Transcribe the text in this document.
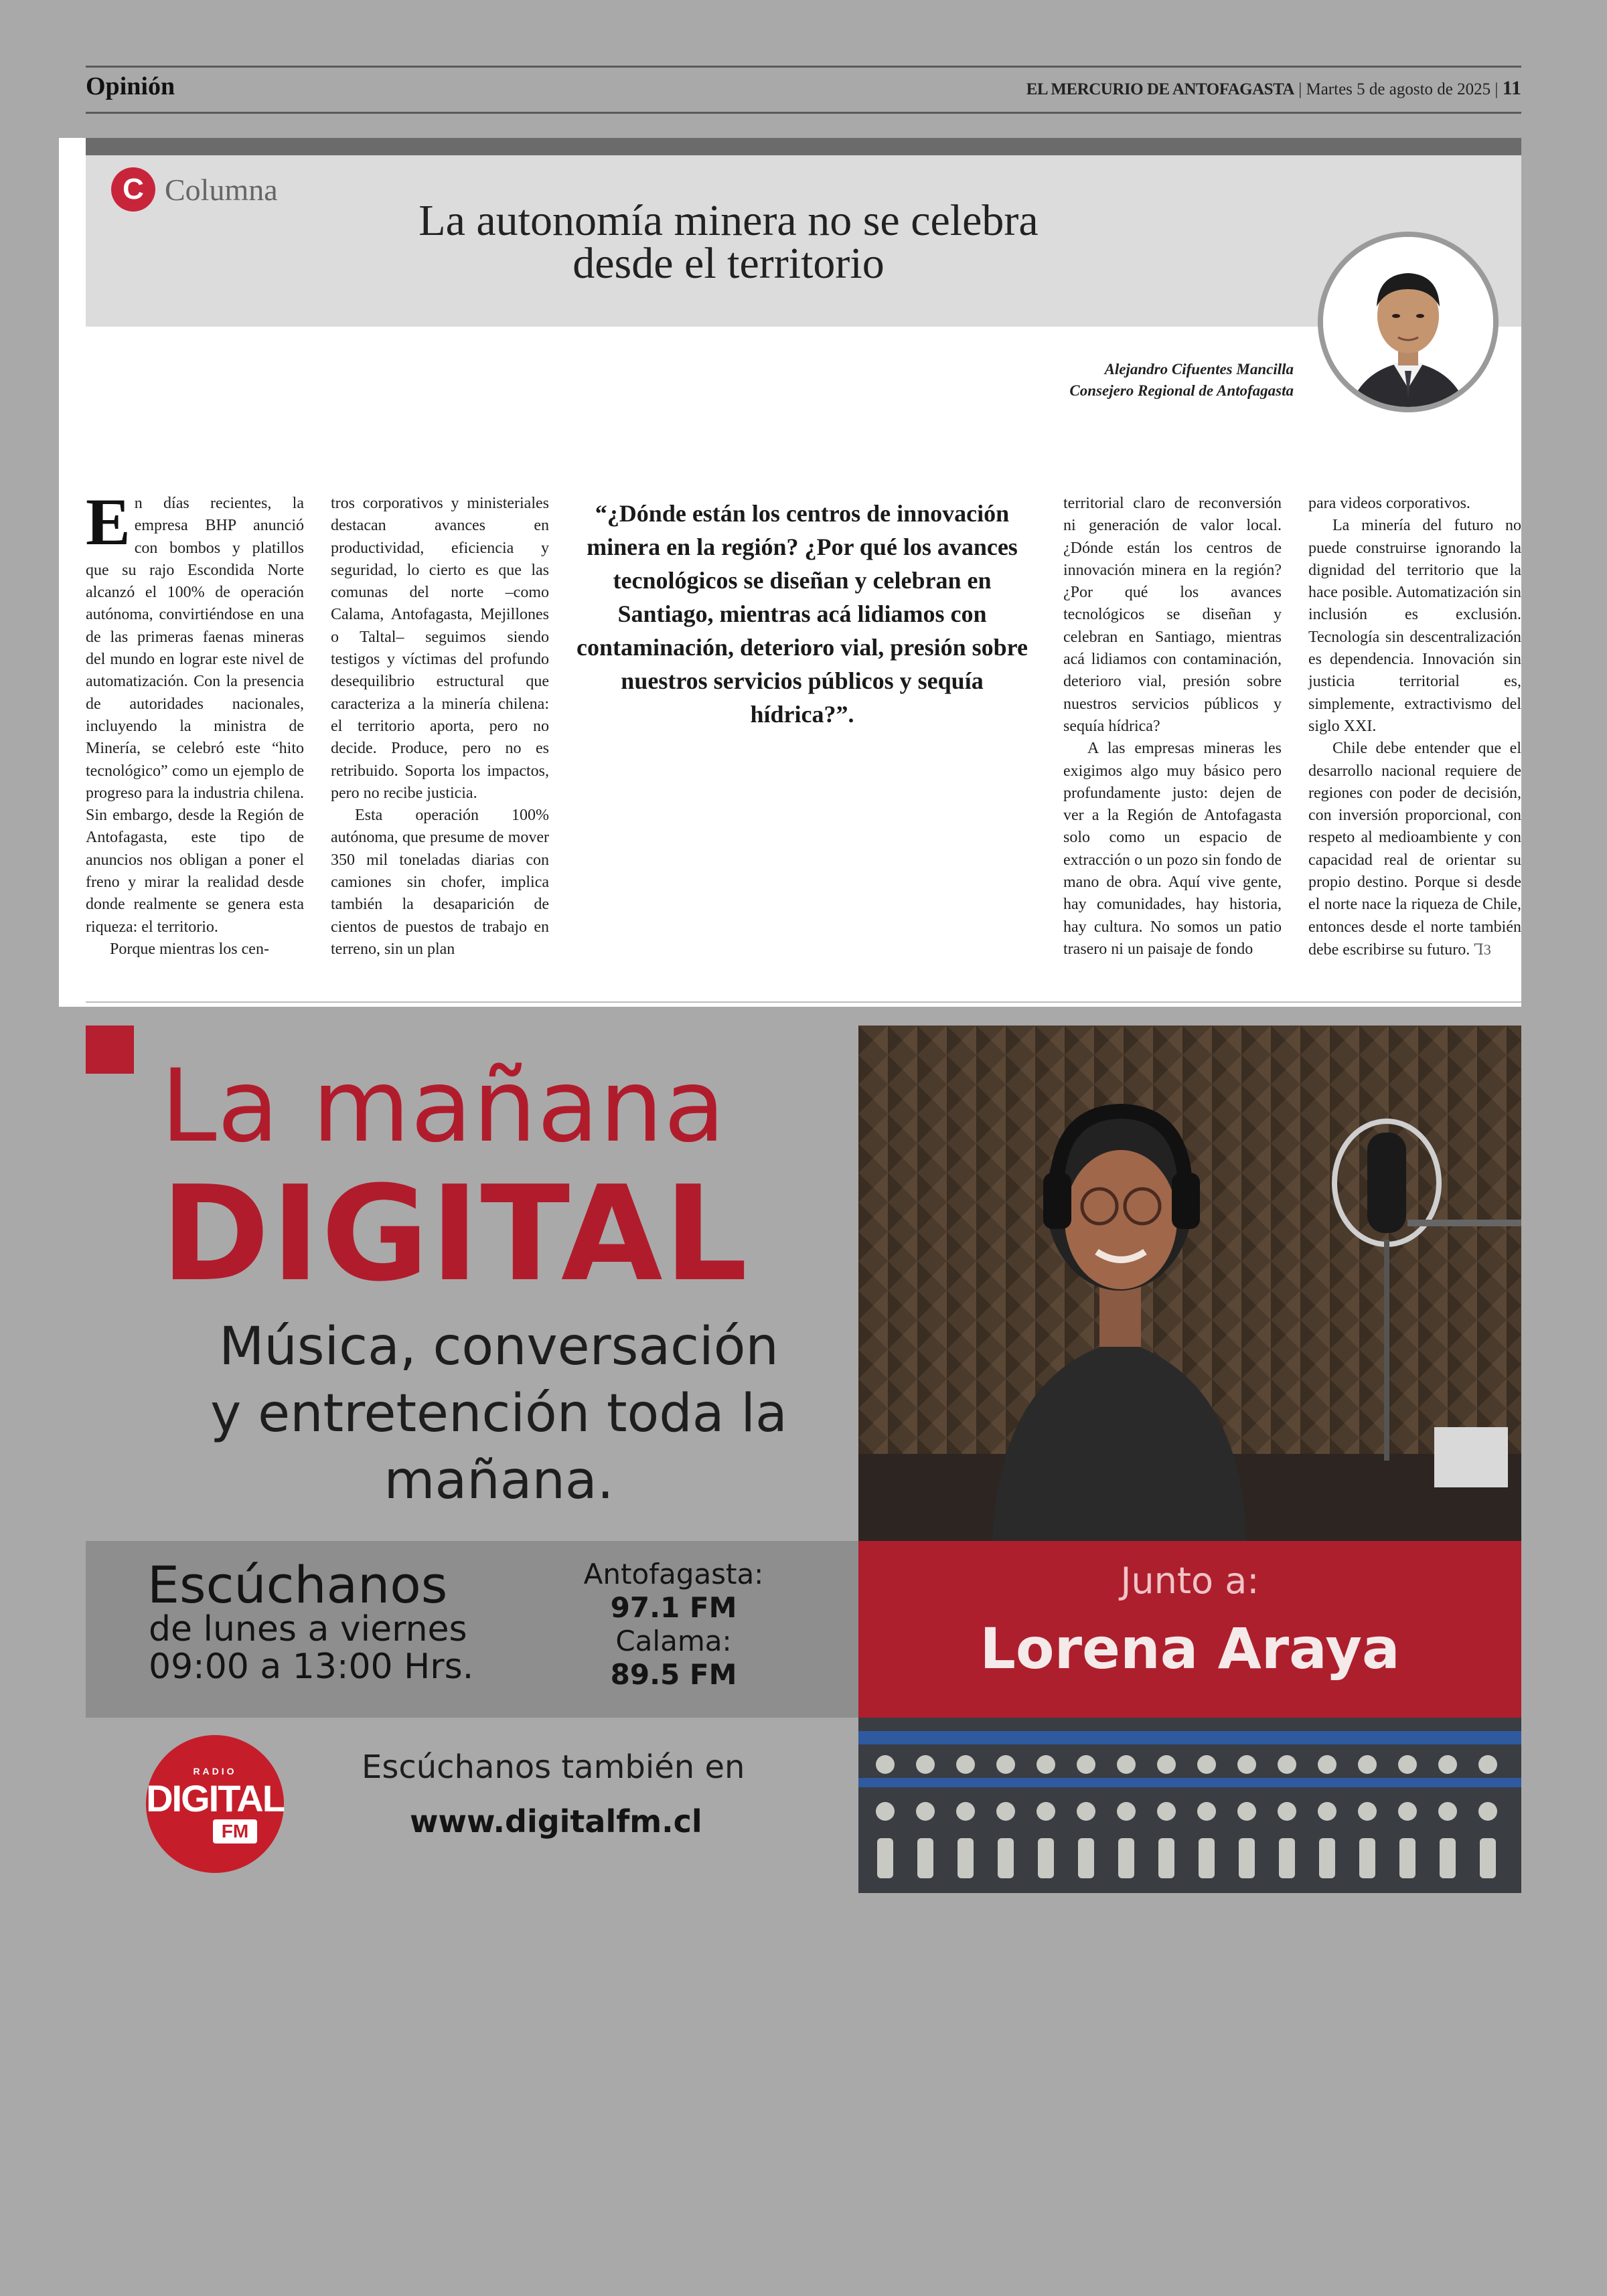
Opinión	EL MERCURIO DE ANTOFAGASTA | Martes 5 de agosto de 2025 | 11
C Columna
La autonomía minera no se celebra
desde el territorio
Alejandro Cifuentes Mancilla
Consejero Regional de Antofagasta

En días recientes, la empresa BHP anunció con bombos y platillos que su rajo Escondida Norte alcanzó el 100% de operación autónoma, convirtiéndose en una de las primeras faenas mineras del mundo en lograr este nivel de automatización. Con la presencia de autoridades nacionales, incluyendo la ministra de Minería, se celebró este “hito tecnológico” como un ejemplo de progreso para la industria chilena. Sin embargo, desde la Región de Antofagasta, este tipo de anuncios nos obligan a poner el freno y mirar la realidad desde donde realmente se genera esta riqueza: el territorio.

Porque mientras los cen-

tros corporativos y ministeriales destacan avances en productividad, eficiencia y seguridad, lo cierto es que las comunas del norte –como Calama, Antofagasta, Mejillones o Taltal– seguimos siendo testigos y víctimas del profundo desequilibrio estructural que caracteriza a la minería chilena: el territorio aporta, pero no decide. Produce, pero no es retribuido. Soporta los impactos, pero no recibe justicia.

Esta operación 100% autónoma, que presume de mover 350 mil toneladas diarias con camiones sin chofer, implica también la desaparición de cientos de puestos de trabajo en terreno, sin un plan

“¿Dónde están los centros de innovación minera en la región? ¿Por qué los avances tecnológicos se diseñan y celebran en Santiago, mientras acá lidiamos con contaminación, deterioro vial, presión sobre nuestros servicios públicos y sequía hídrica?”.

territorial claro de reconversión ni generación de valor local. ¿Dónde están los centros de innovación minera en la región? ¿Por qué los avances tecnológicos se diseñan y celebran en Santiago, mientras acá lidiamos con contaminación, deterioro vial, presión sobre nuestros servicios públicos y sequía hídrica?

A las empresas mineras les exigimos algo muy básico pero profundamente justo: dejen de ver a la Región de Antofagasta solo como un espacio de extracción o un pozo sin fondo de mano de obra. Aquí vive gente, hay comunidades, hay historia, hay cultura. No somos un patio trasero ni un paisaje de fondo

para videos corporativos.

La minería del futuro no puede construirse ignorando la dignidad del territorio que la hace posible. Automatización sin inclusión es exclusión. Tecnología sin descentralización es dependencia. Innovación sin justicia territorial es, simplemente, extractivismo del siglo XXI.

Chile debe entender que el desarrollo nacional requiere de regiones con poder de decisión, con inversión proporcional, con respeto al medioambiente y con capacidad real de orientar su propio destino. Porque si desde el norte nace la riqueza de Chile, entonces desde el norte también debe escribirse su futuro. Ꞁ3

La mañana
DIGITAL
Música, conversación
y entretención toda la
mañana.
Escúchanos
de lunes a viernes
09:00 a 13:00 Hrs.
Antofagasta:
97.1 FM
Calama:
89.5 FM
Junto a:
Lorena Araya
RADIO
DIGITAL
FM
Escúchanos también en
www.digitalfm.cl
